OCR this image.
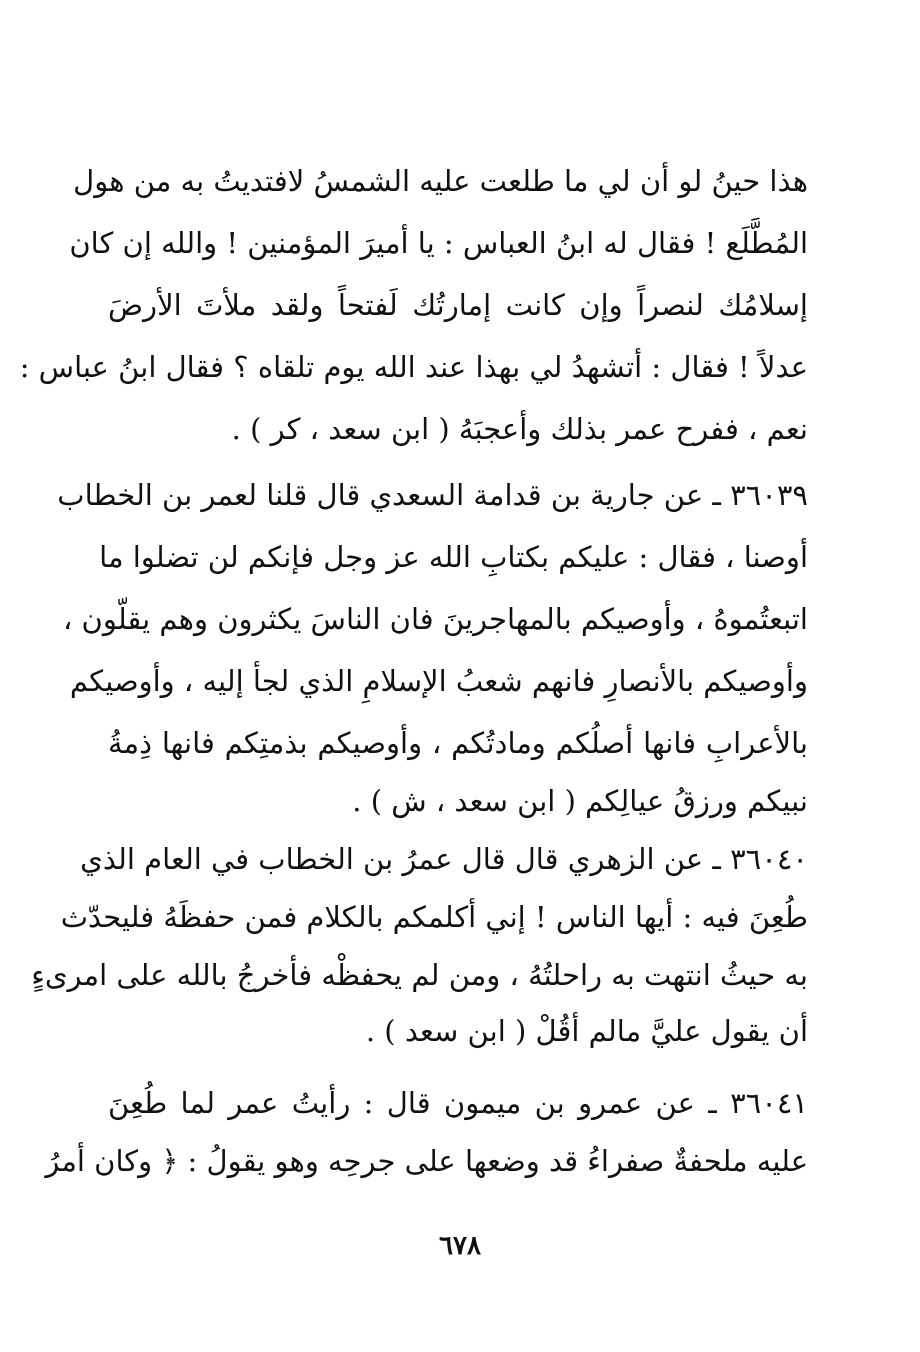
هذا حينُ لو أن لي ما طلعت عليه الشمسُ لافتديتُ به من هول
المُطَّلَع ! فقال له ابنُ العباس : يا أميرَ المؤمنين ! والله إن كان
إسلامُك لنصراً وإن كانت إمارتُك لَفتحاً ولقد ملأتَ الأرضَ
عدلاً ! فقال : أتشهدُ لي بهذا عند الله يوم تلقاه ؟ فقال ابنُ عباس :
نعم ، ففرح عمر بذلك وأعجبَهُ ( ابن سعد ، كر ) .
٣٦٠٣٩ ـ عن جارية بن قدامة السعدي قال قلنا لعمر بن الخطاب
أوصنا ، فقال : عليكم بكتابِ الله عز وجل فإنكم لن تضلوا ما
اتبعتُموهُ ، وأوصيكم بالمهاجرينَ فان الناسَ يكثرون وهم يقلّون ،
وأوصيكم بالأنصارِ فانهم شعبُ الإسلامِ الذي لجأ إليه ، وأوصيكم
بالأعرابِ فانها أصلُكم ومادتُكم ، وأوصيكم بذمتِكم فانها ذِمةُ
نبيكم ورزقُ عيالِكم ( ابن سعد ، ش ) .
٣٦٠٤٠ ـ عن الزهري قال قال عمرُ بن الخطاب في العام الذي
طُعِنَ فيه : أيها الناس ! إني أكلمكم بالكلام فمن حفظَهُ فليحدّث
به حيثُ انتهت به راحلتُهُ ، ومن لم يحفظْه فأخرجُ بالله على امرىءٍ
أن يقول عليَّ مالم أقُلْ ( ابن سعد ) .
٣٦٠٤١ ـ عن عمرو بن ميمون قال : رأيتُ عمر لما طُعِنَ
عليه ملحفةٌ صفراءُ قد وضعها على جرحِه وهو يقولُ : ﴿ وكان أمرُ
٦٧٨
